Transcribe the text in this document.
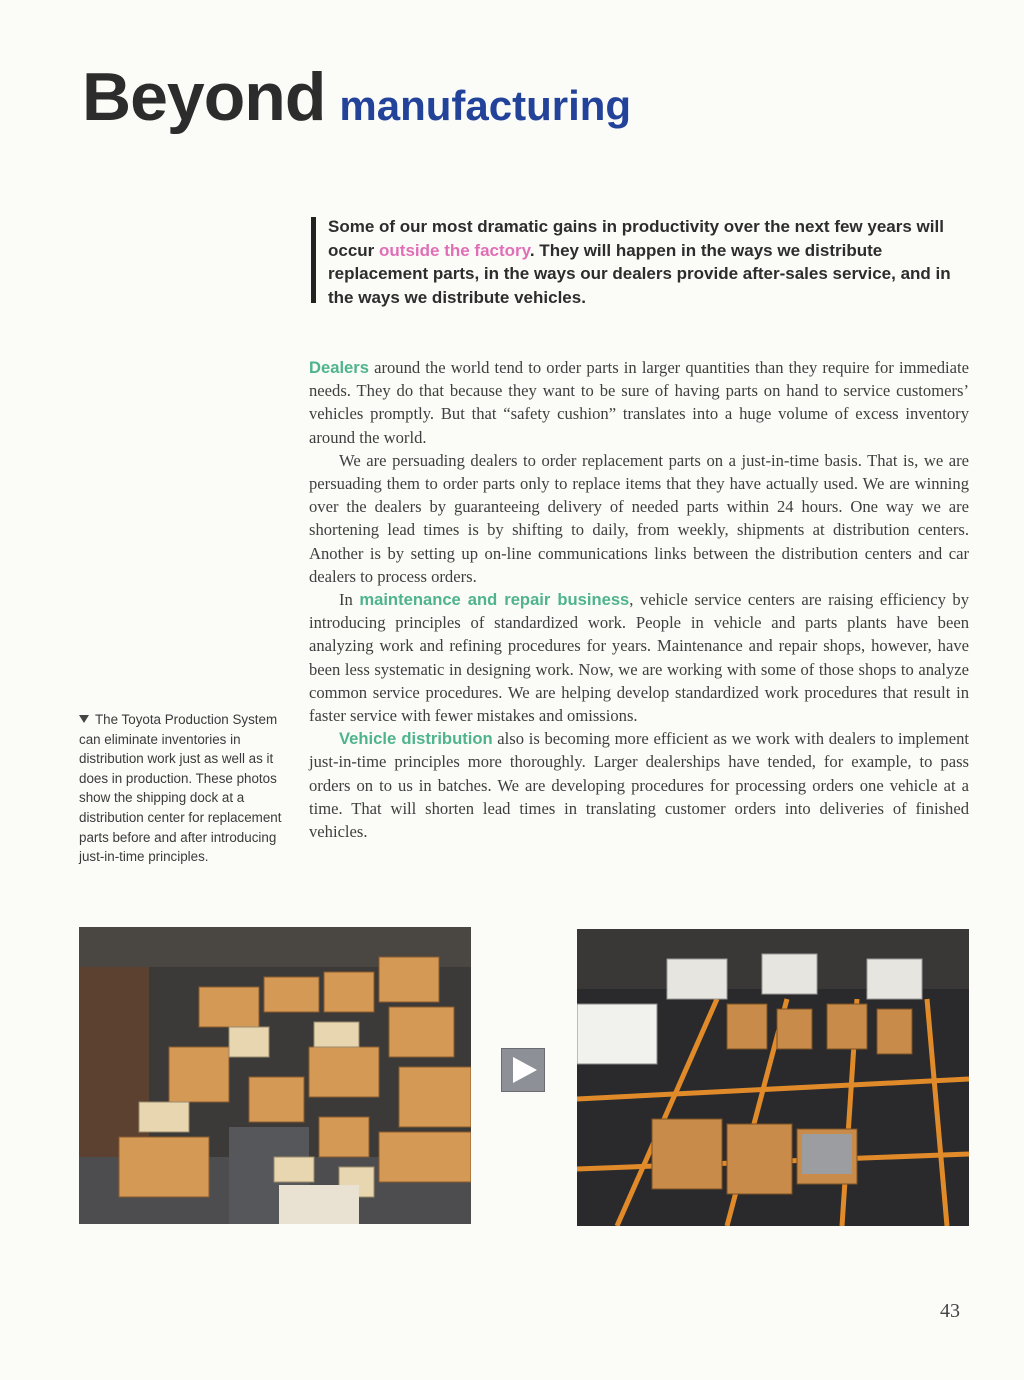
Beyond manufacturing

Some of our most dramatic gains in productivity over the next few years will occur outside the factory. They will happen in the ways we distribute replacement parts, in the ways our dealers provide after-sales service, and in the ways we distribute vehicles.

Dealers around the world tend to order parts in larger quantities than they require for immediate needs. They do that because they want to be sure of having parts on hand to service customers’ vehicles promptly. But that “safety cushion” translates into a huge volume of excess inventory around the world.

We are persuading dealers to order replacement parts on a just-in-time basis. That is, we are persuading them to order parts only to replace items that they have actually used. We are winning over the dealers by guaranteeing delivery of needed parts within 24 hours. One way we are shortening lead times is by shifting to daily, from weekly, shipments at distribution centers. Another is by setting up on-line communications links between the distribution centers and car dealers to process orders.

In maintenance and repair business, vehicle service centers are raising efficiency by introducing principles of standardized work. People in vehicle and parts plants have been analyzing work and refining procedures for years. Maintenance and repair shops, however, have been less systematic in designing work. Now, we are working with some of those shops to analyze common service procedures. We are helping develop standardized work procedures that result in faster service with fewer mistakes and omissions.

Vehicle distribution also is becoming more efficient as we work with dealers to implement just-in-time principles more thoroughly. Larger dealerships have tended, for example, to pass orders on to us in batches. We are developing procedures for processing orders one vehicle at a time. That will shorten lead times in translating customer orders into deliveries of finished vehicles.

The Toyota Production System can eliminate inventories in distribution work just as well as it does in production. These photos show the shipping dock at a distribution center for replacement parts before and after introducing just-in-time principles.
43
